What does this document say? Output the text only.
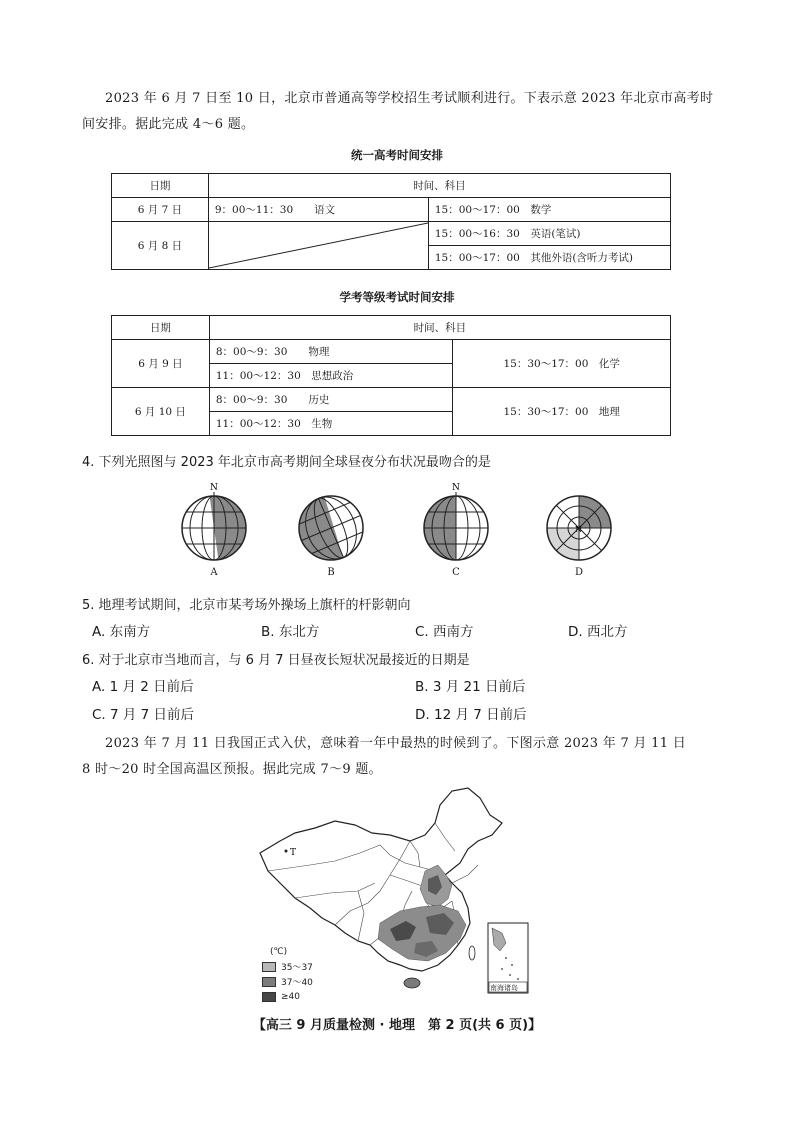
2023 年 6 月 7 日至 10 日，北京市普通高等学校招生考试顺利进行。下表示意 2023 年北京市高考时
间安排。据此完成 4～6 题。
统一高考时间安排
日期	时间、科目	
6 月 7 日	9：00～11：30　　语文	15：00～17：00　数学
6 月 8 日		15：00～16：30　英语(笔试)
		15：00～17：00　其他外语(含听力考试)
学考等级考试时间安排
日期	时间、科目	
6 月 9 日	8：00～9：30　　物理	15：30～17：00　化学
	11：00～12：30　思想政治	
6 月 10 日	8：00～9：30　　历史	15：30～17：00　地理
	11：00～12：30　生物	
4. 下列光照图与 2023 年北京市高考期间全球昼夜分布状况最吻合的是
N
A	B
N
C
N
D
5. 地理考试期间，北京市某考场外操场上旗杆的杆影朝向
A. 东南方	B. 东北方	C. 西南方	D. 西北方
6. 对于北京市当地而言，与 6 月 7 日昼夜长短状况最接近的日期是
A. 1 月 2 日前后	B. 3 月 21 日前后
C. 7 月 7 日前后	D. 12 月 7 日前后
2023 年 7 月 11 日我国正式入伏，意味着一年中最热的时候到了。下图示意 2023 年 7 月 11 日
8 时～20 时全国高温区预报。据此完成 7～9 题。
T
南海诸岛
(℃)
35～37
37～40
≥40
【高三 9 月质量检测 · 地理　第 2 页(共 6 页)】
